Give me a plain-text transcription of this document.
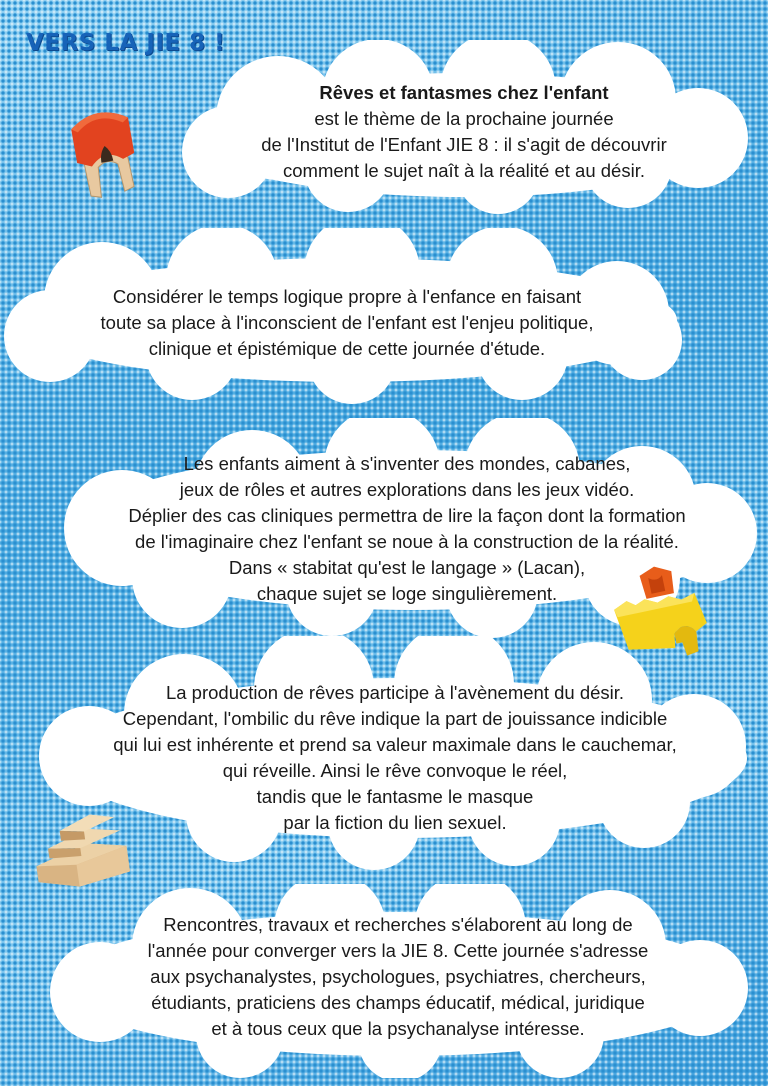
VERS LA JIE 8 !
Rêves et fantasmes chez l'enfant
est le thème de la prochaine journée
de l'Institut de l'Enfant JIE 8 : il s'agit de découvrir
comment le sujet naît à la réalité et au désir.
Considérer le temps logique propre à l'enfance en faisant
toute sa place à l'inconscient de l'enfant est l'enjeu politique,
clinique et épistémique de cette journée d'étude.
Les enfants aiment à s'inventer des mondes, cabanes,
jeux de rôles et autres explorations dans les jeux vidéo.
Déplier des cas cliniques permettra de lire la façon dont la formation
de l'imaginaire chez l'enfant se noue à la construction de la réalité.
Dans « stabitat qu'est le langage » (Lacan),
chaque sujet se loge singulièrement.
La production de rêves participe à l'avènement du désir.
Cependant, l'ombilic du rêve indique la part de jouissance indicible
qui lui est inhérente et prend sa valeur maximale dans le cauchemar,
qui réveille. Ainsi le rêve convoque le réel,
tandis que le fantasme le masque
par la fiction du lien sexuel.
Rencontres, travaux et recherches s'élaborent au long de
l'année pour converger vers la JIE 8. Cette journée s'adresse
aux psychanalystes, psychologues, psychiatres, chercheurs,
étudiants, praticiens des champs éducatif, médical, juridique
et à tous ceux que la psychanalyse intéresse.
